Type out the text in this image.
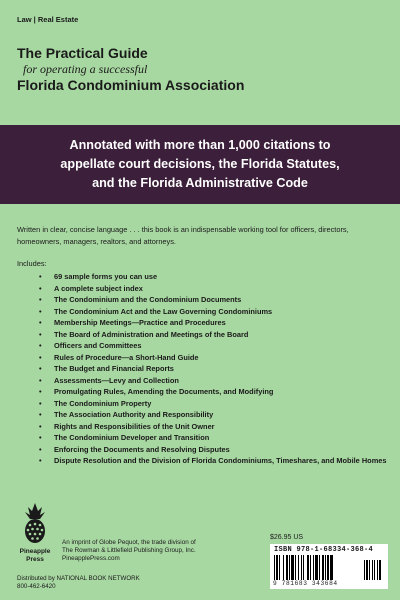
Law | Real Estate
The Practical Guide
for operating a successful
Florida Condominium Association
Annotated with more than 1,000 citations to
appellate court decisions, the Florida Statutes,
and the Florida Administrative Code
Written in clear, concise language . . . this book is an indispensable working tool for officers, directors, homeowners, managers, realtors, and attorneys.
Includes:
• 69 sample forms you can use
• A complete subject index
• The Condominium and the Condominium Documents
• The Condominium Act and the Law Governing Condominiums
• Membership Meetings—Practice and Procedures
• The Board of Administration and Meetings of the Board
• Officers and Committees
• Rules of Procedure—a Short-Hand Guide
• The Budget and Financial Reports
• Assessments—Levy and Collection
• Promulgating Rules, Amending the Documents, and Modifying
• The Condominium Property
• The Association Authority and Responsibility
• Rights and Responsibilities of the Unit Owner
• The Condominium Developer and Transition
• Enforcing the Documents and Resolving Disputes
• Dispute Resolution and the Division of Florida Condominiums, Timeshares, and Mobile Homes
Pineapple
Press
An imprint of Globe Pequot, the trade division of
The Rowman & Littlefield Publishing Group, Inc.
PineapplePress.com
Distributed by NATIONAL BOOK NETWORK
800-462-6420
$26.95 US
ISBN 978-1-68334-368-4
9 781683 343684
